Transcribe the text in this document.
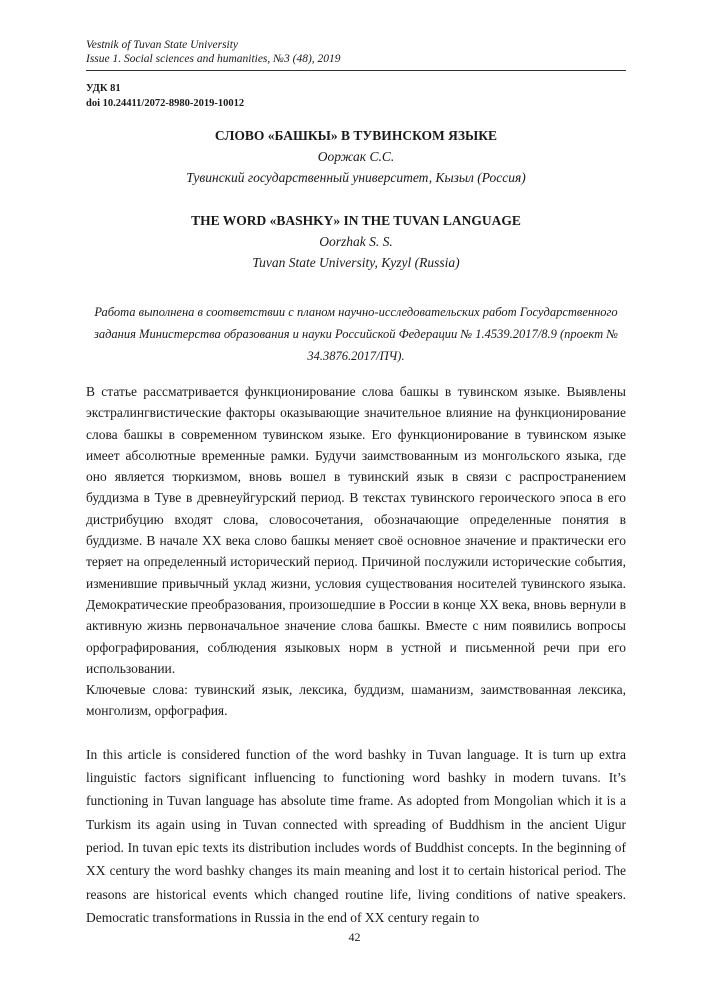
Vestnik of Tuvan State University
Issue 1. Social sciences and humanities, №3 (48), 2019
УДК 81
doi 10.24411/2072-8980-2019-10012
СЛОВО «БАШКЫ» В ТУВИНСКОМ ЯЗЫКЕ
Ооржак С.С.
Тувинский государственный университет, Кызыл (Россия)
THE WORD «BASHKY» IN THE TUVAN LANGUAGE
Oorzhak S. S.
Tuvan State University, Kyzyl (Russia)
Работа выполнена в соответствии с планом научно-исследовательских работ Государственного задания Министерства образования и науки Российской Федерации № 1.4539.2017/8.9 (проект № 34.3876.2017/ПЧ).

В статье рассматривается функционирование слова башкы в тувинском языке. Выявлены экстралингвистические факторы оказывающие значительное влияние на функционирование слова башкы в современном тувинском языке. Его функционирование в тувинском языке имеет абсолютные временные рамки. Будучи заимствованным из монгольского языка, где оно является тюркизмом, вновь вошел в тувинский язык в связи с распространением буддизма в Туве в древнеуйгурский период. В текстах тувинского героического эпоса в его дистрибуцию входят слова, словосочетания, обозначающие определенные понятия в буддизме. В начале ХХ века слово башкы меняет своё основное значение и практически его теряет на определенный исторический период. Причиной послужили исторические события, изменившие привычный уклад жизни, условия существования носителей тувинского языка. Демократические преобразования, произошедшие в России в конце ХХ века, вновь вернули в активную жизнь первоначальное значение слова башкы. Вместе с ним появились вопросы орфографирования, соблюдения языковых норм в устной и письменной речи при его использовании.

Ключевые слова: тувинский язык, лексика, буддизм, шаманизм, заимствованная лексика, монголизм, орфография.
In this article is considered function of the word bashky in Tuvan language. It is turn up extra linguistic factors significant influencing to functioning word bashky in modern tuvans. It’s functioning in Tuvan language has absolute time frame. As adopted from Mongolian which it is a Turkism its again using in Tuvan connected with spreading of Buddhism in the ancient Uigur period. In tuvan epic texts its distribution includes words of Buddhist concepts. In the beginning of XX century the word bashky changes its main meaning and lost it to certain historical period. The reasons are historical events which changed routine life, living conditions of native speakers. Democratic transformations in Russia in the end of XX century regain to
42
